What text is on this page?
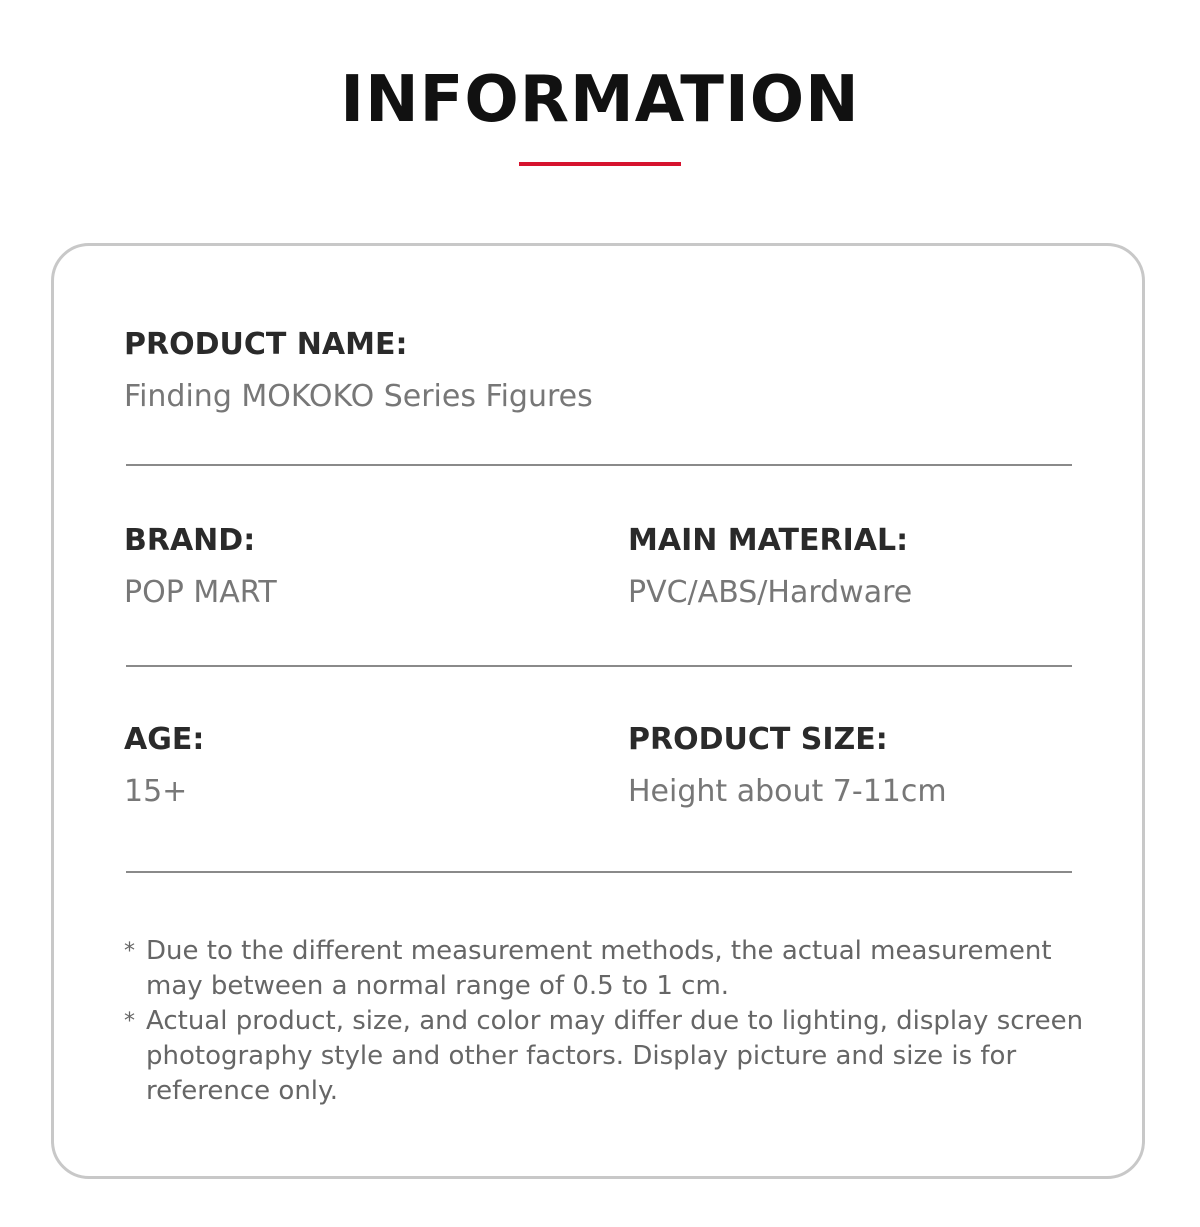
INFORMATION
PRODUCT NAME:
Finding MOKOKO Series Figures
BRAND:
POP MART
MAIN MATERIAL:
PVC/ABS/Hardware
AGE:
15+
PRODUCT SIZE:
Height about 7-11cm
* Due to the different measurement methods, the actual measurement may between a normal range of 0.5 to 1 cm.
* Actual product, size, and color may differ due to lighting, display screen photography style and other factors. Display picture and size is for reference only.
